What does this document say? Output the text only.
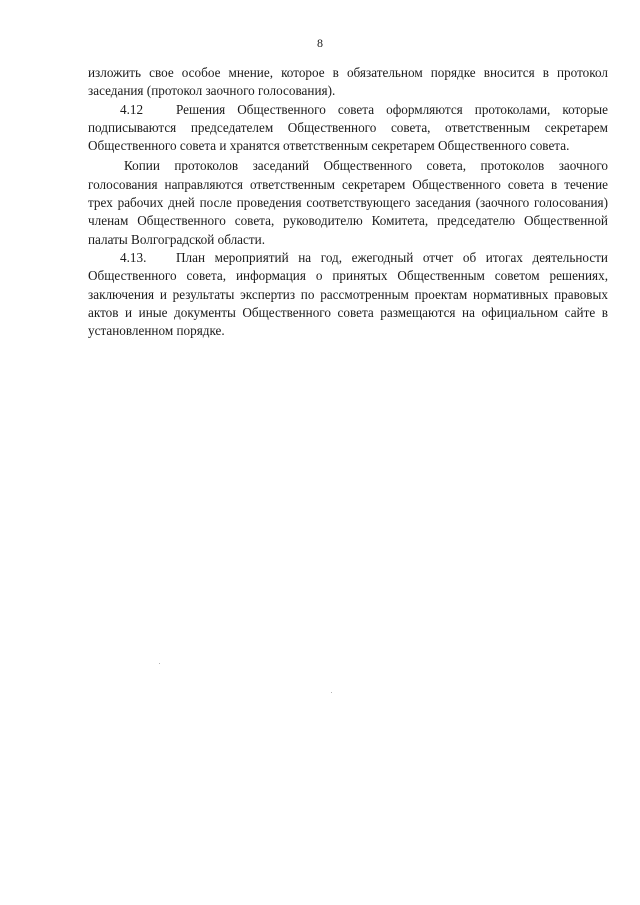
8

изложить свое особое мнение, которое в обязательном порядке вносится в протокол заседания (протокол заочного голосования).

4.12 Решения Общественного совета оформляются протоколами, которые подписываются председателем Общественного совета, ответственным секретарем Общественного совета и хранятся ответственным секретарем Общественного совета.

Копии протоколов заседаний Общественного совета, протоколов заочного голосования направляются ответственным секретарем Общественного совета в течение трех рабочих дней после проведения соответствующего заседания (заочного голосования) членам Общественного совета, руководителю Комитета, председателю Общественной палаты Волгоградской области.

4.13. План мероприятий на год, ежегодный отчет об итогах деятельности Общественного совета, информация о принятых Общественным советом решениях, заключения и результаты экспертиз по рассмотренным проектам нормативных правовых актов и иные документы Общественного совета размещаются на официальном сайте в установленном порядке.
